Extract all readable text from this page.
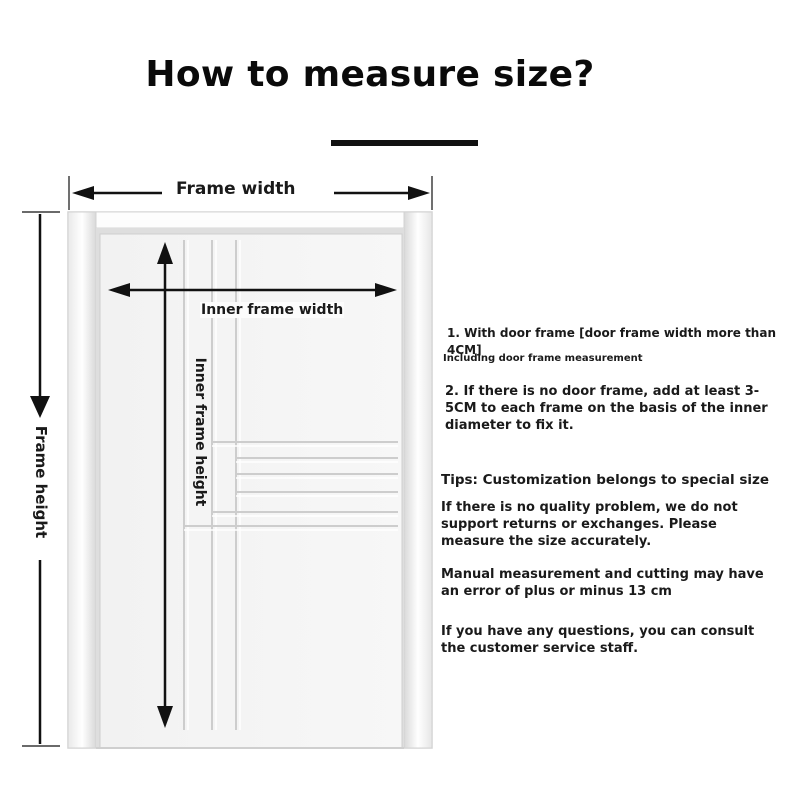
How to measure size?
Frame width
Inner frame width
Frame height	Inner frame height
1. With door frame [door frame width more than 4CM]
Including door frame measurement
2. If there is no door frame, add at least 3-5CM to each frame on the basis of the inner diameter to fix it.
Tips: Customization belongs to special size
If there is no quality problem, we do not support returns or exchanges. Please measure the size accurately.
Manual measurement and cutting may have an error of plus or minus 13 cm
If you have any questions, you can consult the customer service staff.
